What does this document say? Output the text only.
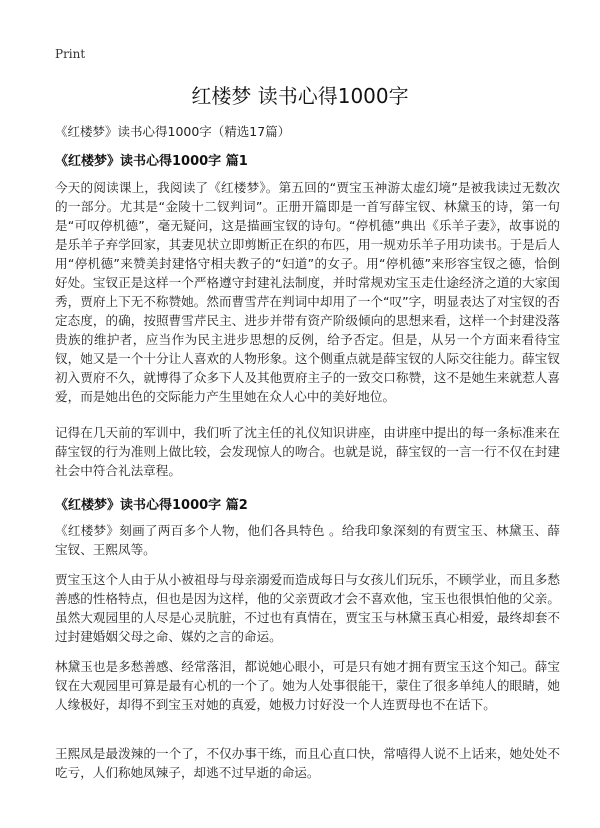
Print
红楼梦 读书心得1000字

《红楼梦》读书心得1000字（精选17篇）

《红楼梦》读书心得1000字 篇1

今天的阅读课上，我阅读了《红楼梦》。第五回的“贾宝玉神游太虚幻境”是被我读过无数次的一部分。尤其是“金陵十二钗判词”。正册开篇即是一首写薛宝钗、林黛玉的诗，第一句是“可叹停机德”，毫无疑问，这是描画宝钗的诗句。“停机德”典出《乐羊子妻》，故事说的是乐羊子弃学回家，其妻见状立即剪断正在织的布匹，用一规劝乐羊子用功读书。于是后人用“停机德”来赞美封建恪守相夫教子的“妇道”的女子。用“停机德”来形容宝钗之德，恰倒好处。宝钗正是这样一个严格遵守封建礼法制度，并时常规劝宝玉走仕途经济之道的大家闺秀，贾府上下无不称赞她。然而曹雪芹在判词中却用了一个“叹”字，明显表达了对宝钗的否定态度，的确，按照曹雪芹民主、进步并带有资产阶级倾向的思想来看，这样一个封建没落贵族的维护者，应当作为民主进步思想的反例，给予否定。但是，从另一个方面来看待宝钗，她又是一个十分让人喜欢的人物形象。这个侧重点就是薛宝钗的人际交往能力。薛宝钗初入贾府不久，就博得了众多下人及其他贾府主子的一致交口称赞，这不是她生来就惹人喜爱，而是她出色的交际能力产生里她在众人心中的美好地位。

记得在几天前的军训中，我们听了沈主任的礼仪知识讲座，由讲座中提出的每一条标准来在薛宝钗的行为准则上做比较，会发现惊人的吻合。也就是说，薛宝钗的一言一行不仅在封建社会中符合礼法章程。

《红楼梦》读书心得1000字 篇2

《红楼梦》刻画了两百多个人物，他们各具特色 。给我印象深刻的有贾宝玉、林黛玉、薛宝钗、王熙凤等。

贾宝玉这个人由于从小被祖母与母亲溺爱而造成每日与女孩儿们玩乐，不顾学业，而且多愁善感的性格特点，但也是因为这样，他的父亲贾政才会不喜欢他，宝玉也很惧怕他的父亲。虽然大观园里的人尽是心灵肮脏，不过也有真情在，贾宝玉与林黛玉真心相爱，最终却套不过封建婚姻父母之命、媒妁之言的命运。

林黛玉也是多愁善感、经常落泪，都说她心眼小，可是只有她才拥有贾宝玉这个知己。薛宝钗在大观园里可算是最有心机的一个了。她为人处事很能干，蒙住了很多单纯人的眼睛，她人缘极好，却得不到宝玉对她的真爱，她极力讨好没一个人连贾母也不在话下。

王熙凤是最泼辣的一个了，不仅办事干练，而且心直口快，常嘻得人说不上话来，她处处不吃亏，人们称她凤辣子，却逃不过早逝的命运。
